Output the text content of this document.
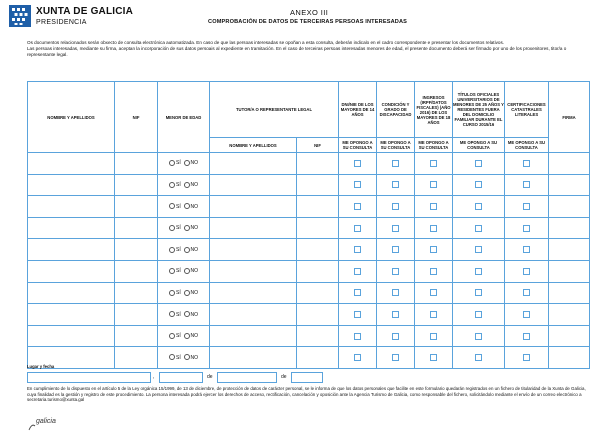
XUNTA DE GALICIA
PRESIDENCIA
ANEXO III
COMPROBACIÓN DE DATOS DE TERCEIRAS PERSOAS INTERESADAS

Os documentos relacionados serán obxecto de consulta electrónica automatizada. En caso de que las persoas interesadas se opoñan a esta consulta, deberán indicalo en el cadro correspondente e presentar los documentos relativos.

Las persoas interesadas, mediante su firma, aceptan la incorporación de sus datos persoais al expediente en tramitación. En el caso de terceiras persoas interesadas menores de edad, el presente documento deberá ser firmado por uno de los proxenitores, titor/a o representante legal.

NOMBRE Y APELLIDOS	NIF	MENOR DE EDAD	TUTOR/A O REPRESENTANTE LEGAL		DNI/NIE DE LOS MAYORES DE 14 AÑOS	CONDICIÓN Y GRADO DE DISCAPACIDAD	INGRESOS (IRPF/DATOS FISCALES) (AÑO 2016) DE LOS MAYORES DE 18 AÑOS	TÍTULOS OFICIALES UNIVERSITARIOS DE MENORES DE 25 AÑOS Y RESIDENTES FUERA DEL DOMICILIO FAMILIAR DURANTE EL CURSO 2015/16	CERTIFICACIONES CATASTRALES LITERALES	FIRMA
			NOMBRE Y APELLIDOS	NIF	ME OPONGO A SU CONSULTA	ME OPONGO A SU CONSULTA	ME OPONGO A SU CONSULTA	ME OPONGO A SU CONSULTA	ME OPONGO A SU CONSULTA	
		SÍ NO								
		SÍ NO								
		SÍ NO								
		SÍ NO								
		SÍ NO								
		SÍ NO								
		SÍ NO								
		SÍ NO								
		SÍ NO								
		SÍ NO								
Lugar y fecha
,	de	de
En cumplimiento de lo dispuesto en el artículo 5 de la Ley orgánica 15/1999, de 13 de diciembre, de protección de datos de carácter personal, se le informa de que los datos personales que facilite en este formulario quedarán registrados en un fichero de titularidad de la Xunta de Galicia, cuya finalidad es la gestión y registro de este procedimiento. La persona interesada podrá ejercer los derechos de acceso, rectificación, cancelación y oposición ante la Agencia Turismo de Galicia, como responsable del fichero, solicitándolo mediante el envío de un correo electrónico a secretaria.turismo@xunta.gal
galicia
